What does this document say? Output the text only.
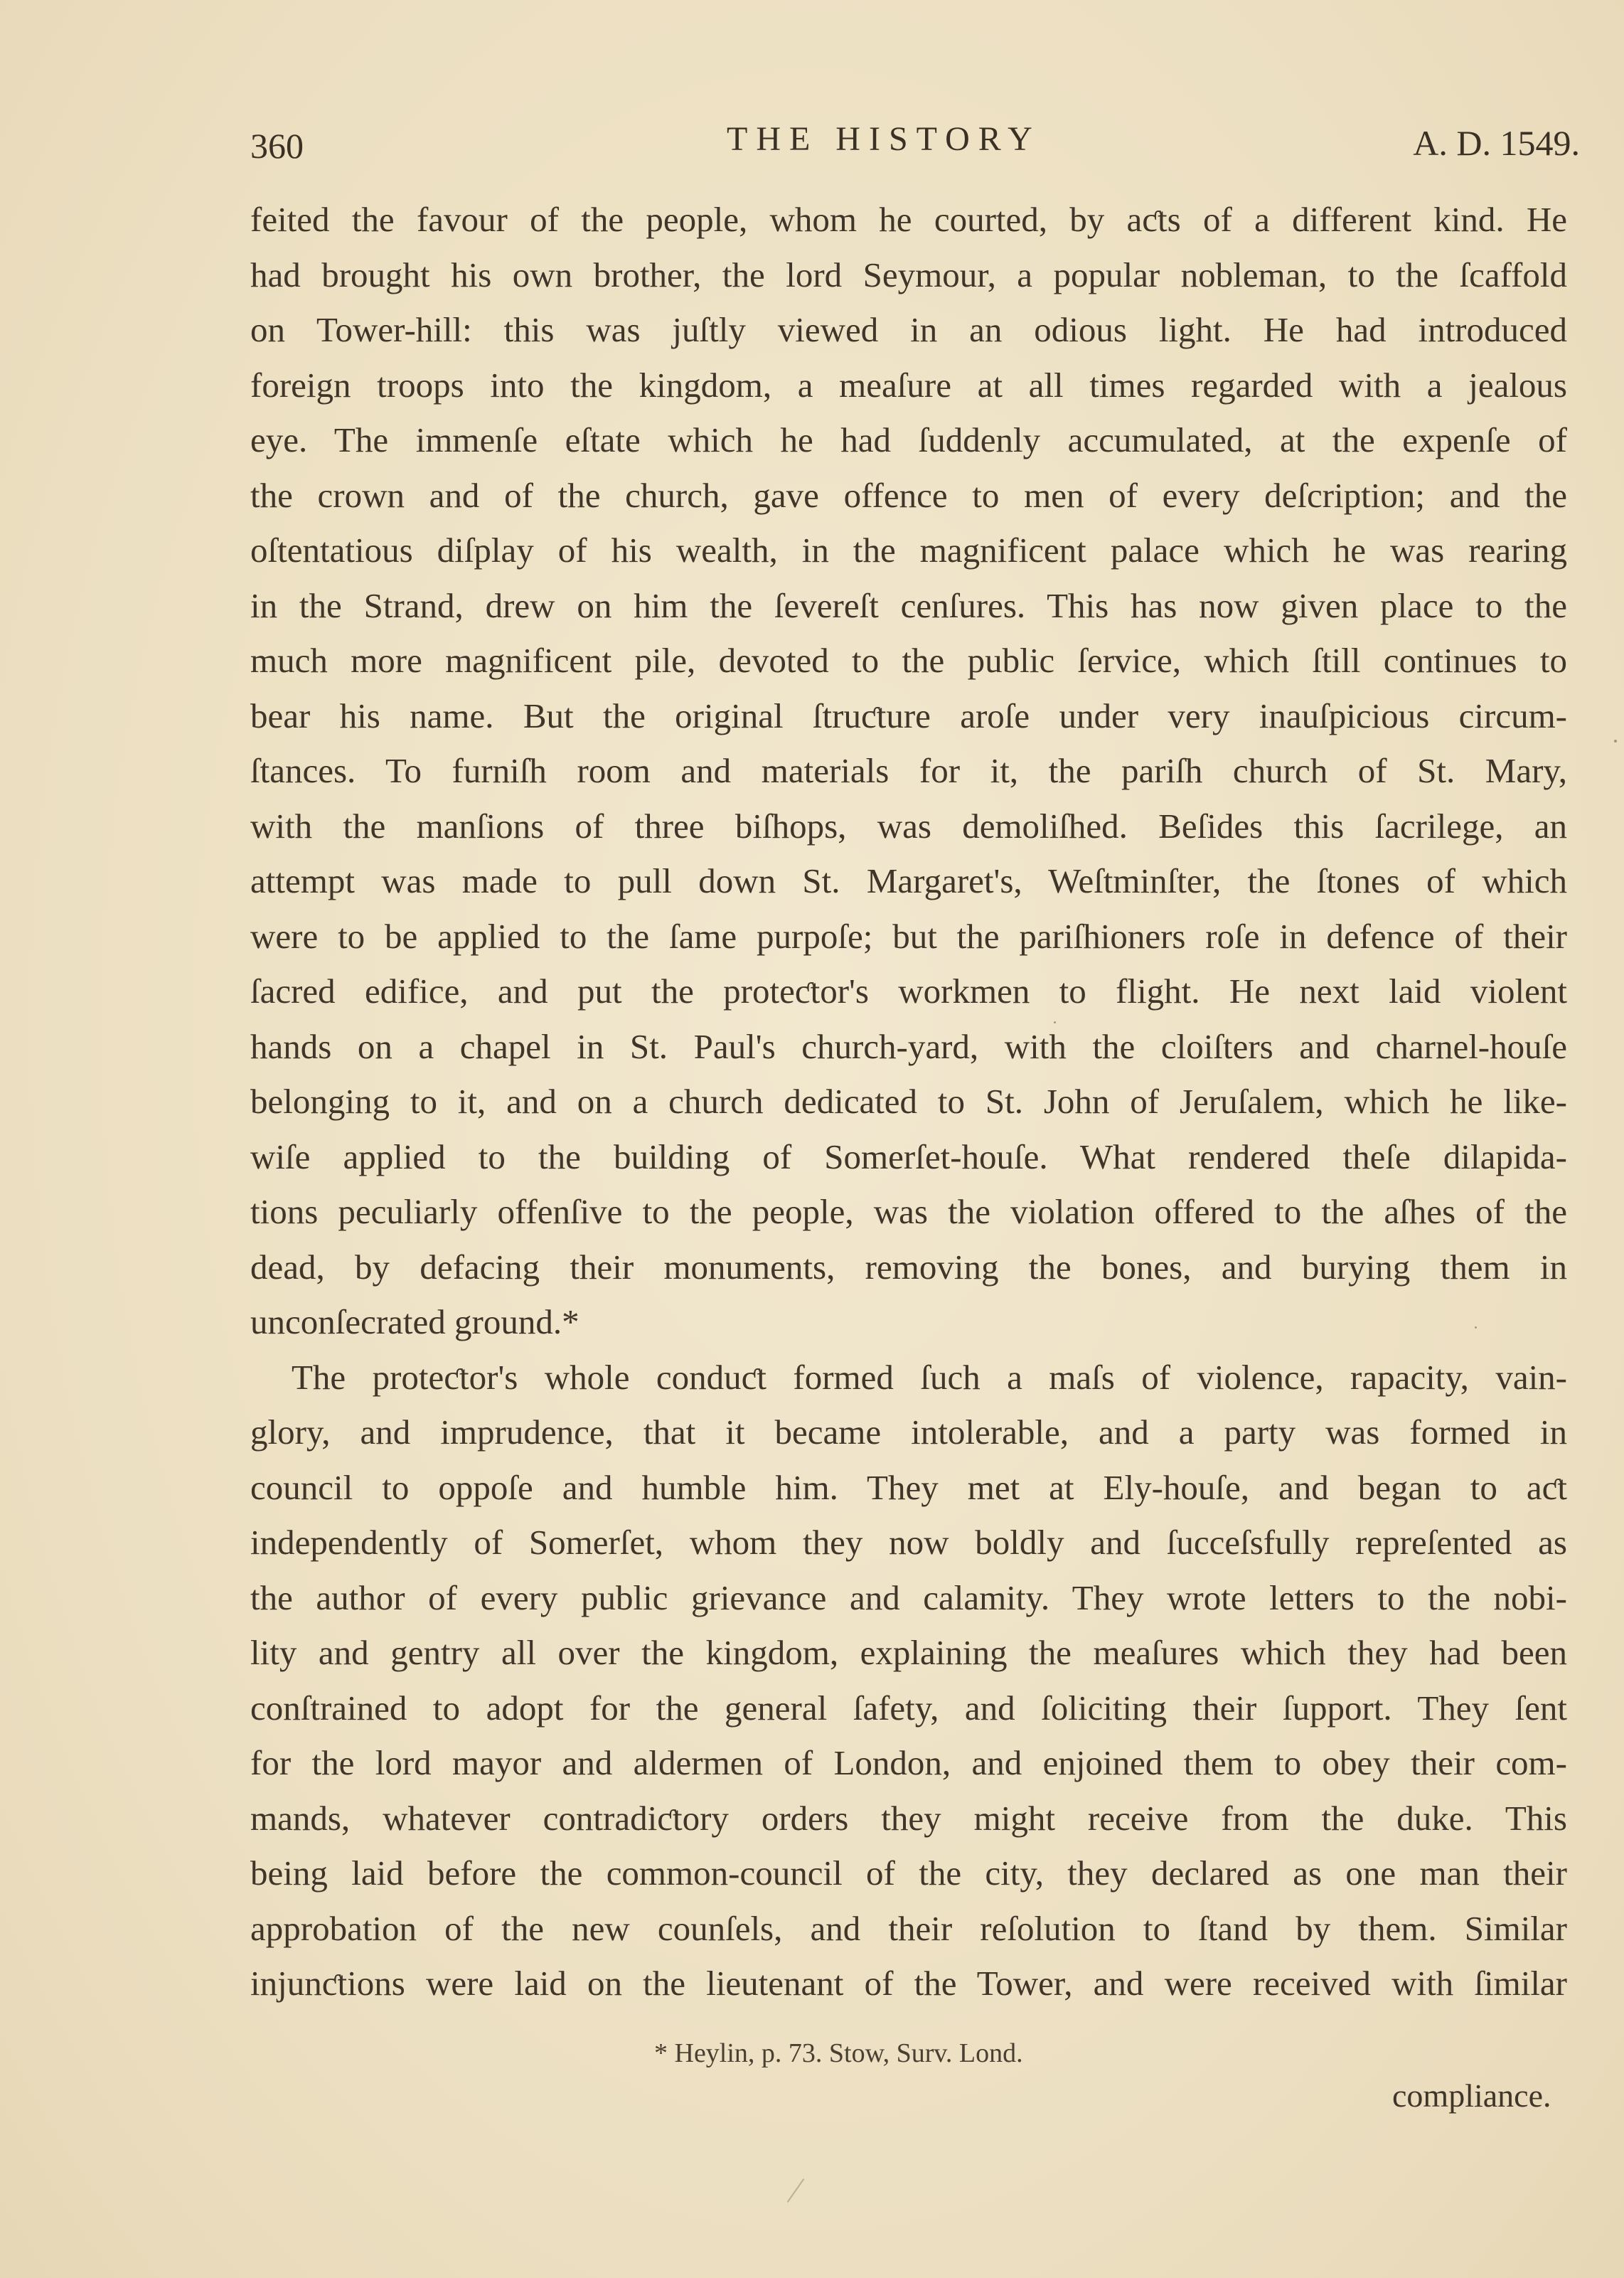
360	THE HISTORY	A. D. 1549.
feited the favour of the people, whom he courted, by aƈts of a different kind. He
had brought his own brother, the lord Seymour, a popular nobleman, to the ſcaffold
on Tower-hill: this was juſtly viewed in an odious light. He had introduced
foreign troops into the kingdom, a meaſure at all times regarded with a jealous
eye. The immenſe eſtate which he had ſuddenly accumulated, at the expenſe of
the crown and of the church, gave offence to men of every deſcription; and the
oſtentatious diſplay of his wealth, in the magnificent palace which he was rearing
in the Strand, drew on him the ſevereſt cenſures. This has now given place to the
much more magnificent pile, devoted to the public ſervice, which ſtill continues to
bear his name. But the original ſtruƈture aroſe under very inauſpicious circum-
ſtances. To furniſh room and materials for it, the pariſh church of St. Mary,
with the manſions of three biſhops, was demoliſhed. Beſides this ſacrilege, an
attempt was made to pull down St. Margaret's, Weſtminſter, the ſtones of which
were to be applied to the ſame purpoſe; but the pariſhioners roſe in defence of their
ſacred edifice, and put the proteƈtor's workmen to flight. He next laid violent
hands on a chapel in St. Paul's church-yard, with the cloiſters and charnel-houſe
belonging to it, and on a church dedicated to St. John of Jeruſalem, which he like-
wiſe applied to the building of Somerſet-houſe. What rendered theſe dilapida-
tions peculiarly offenſive to the people, was the violation offered to the aſhes of the
dead, by defacing their monuments, removing the bones, and burying them in
unconſecrated ground.*
The proteƈtor's whole conduƈt formed ſuch a maſs of violence, rapacity, vain-
glory, and imprudence, that it became intolerable, and a party was formed in
council to oppoſe and humble him. They met at Ely-houſe, and began to aƈt
independently of Somerſet, whom they now boldly and ſucceſsfully repreſented as
the author of every public grievance and calamity. They wrote letters to the nobi-
lity and gentry all over the kingdom, explaining the meaſures which they had been
conſtrained to adopt for the general ſafety, and ſoliciting their ſupport. They ſent
for the lord mayor and aldermen of London, and enjoined them to obey their com-
mands, whatever contradiƈtory orders they might receive from the duke. This
being laid before the common-council of the city, they declared as one man their
approbation of the new counſels, and their reſolution to ſtand by them. Similar
injunƈtions were laid on the lieutenant of the Tower, and were received with ſimilar
* Heylin, p. 73. Stow, Surv. Lond.
compliance.
